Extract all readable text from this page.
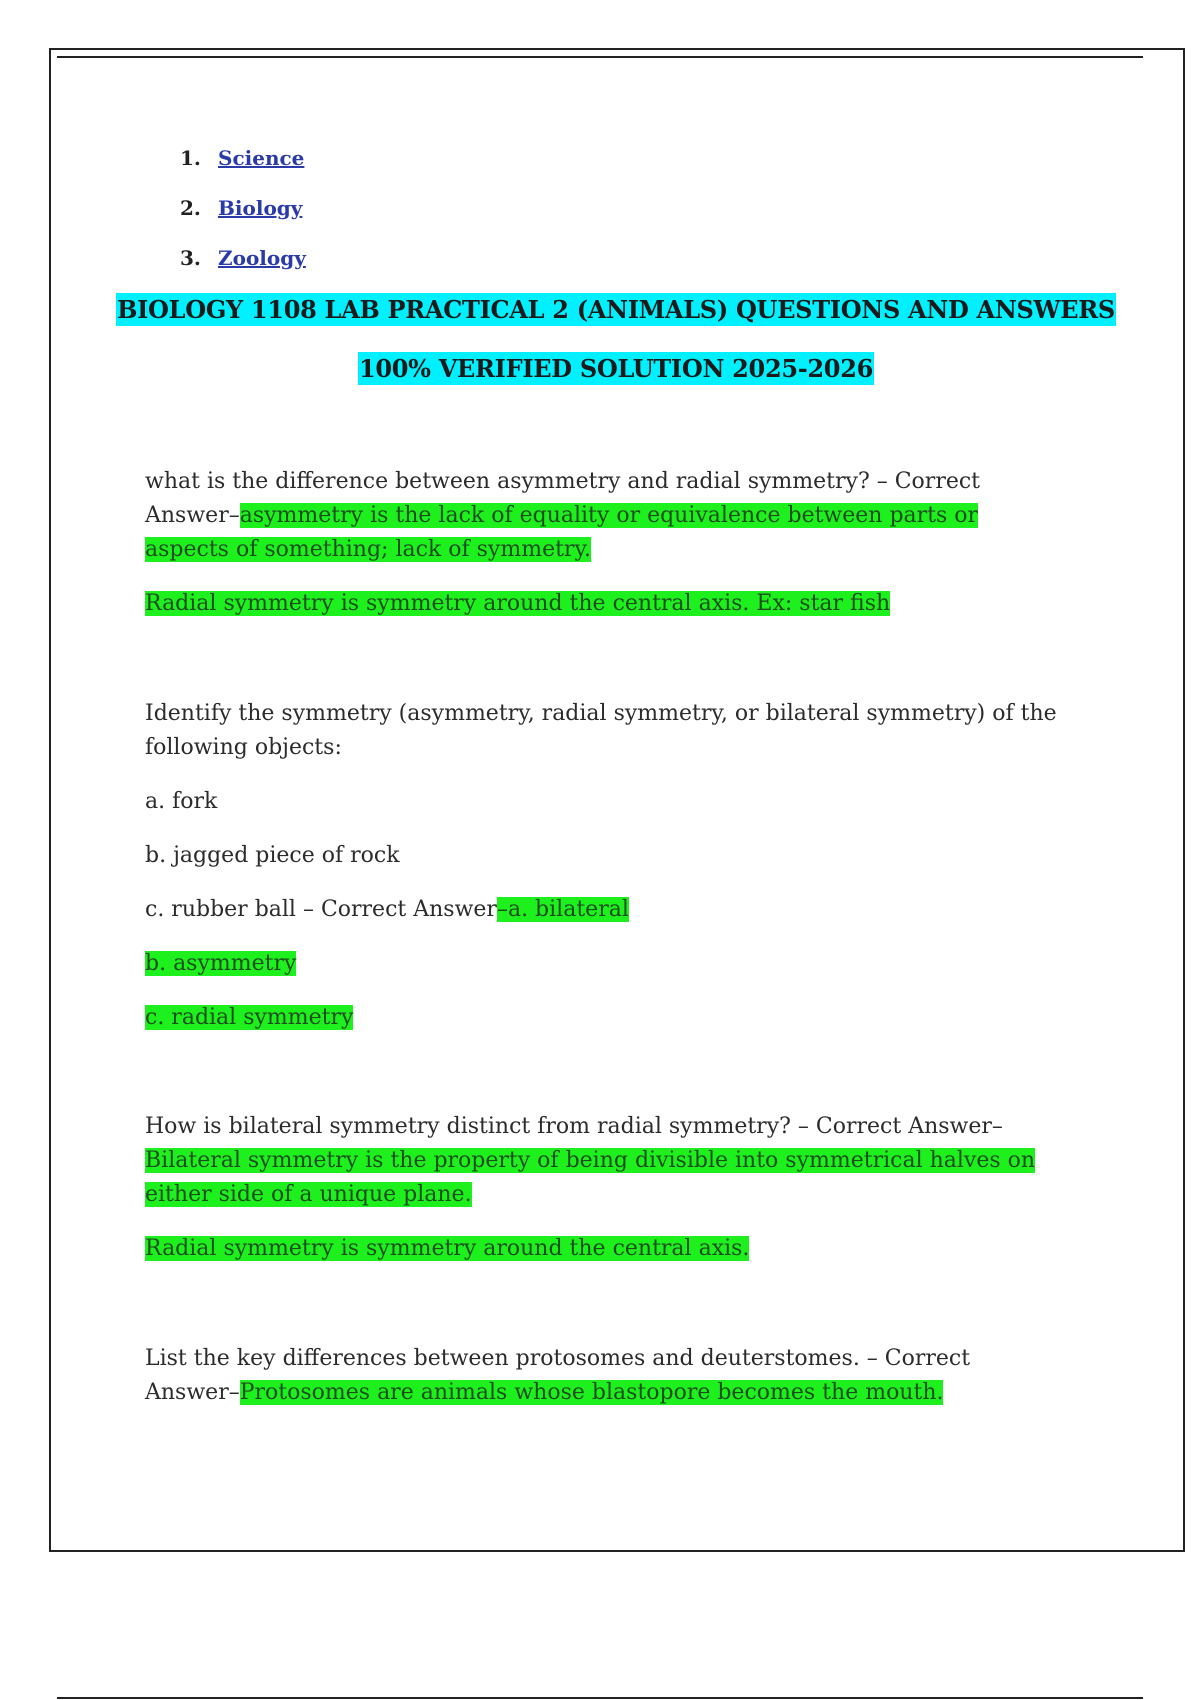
1. Science
2. Biology
3. Zoology
BIOLOGY 1108 LAB PRACTICAL 2 (ANIMALS) QUESTIONS AND ANSWERS
100% VERIFIED SOLUTION 2025-2026

what is the difference between asymmetry and radial symmetry? – Correct Answer–asymmetry is the lack of equality or equivalence between parts or aspects of something; lack of symmetry.

Radial symmetry is symmetry around the central axis. Ex: star fish

Identify the symmetry (asymmetry, radial symmetry, or bilateral symmetry) of the following objects:

a. fork

b. jagged piece of rock

c. rubber ball – Correct Answer–a. bilateral

b. asymmetry

c. radial symmetry

How is bilateral symmetry distinct from radial symmetry? – Correct Answer–Bilateral symmetry is the property of being divisible into symmetrical halves on either side of a unique plane.

Radial symmetry is symmetry around the central axis.

List the key differences between protosomes and deuterstomes. – Correct Answer–Protosomes are animals whose blastopore becomes the mouth.
